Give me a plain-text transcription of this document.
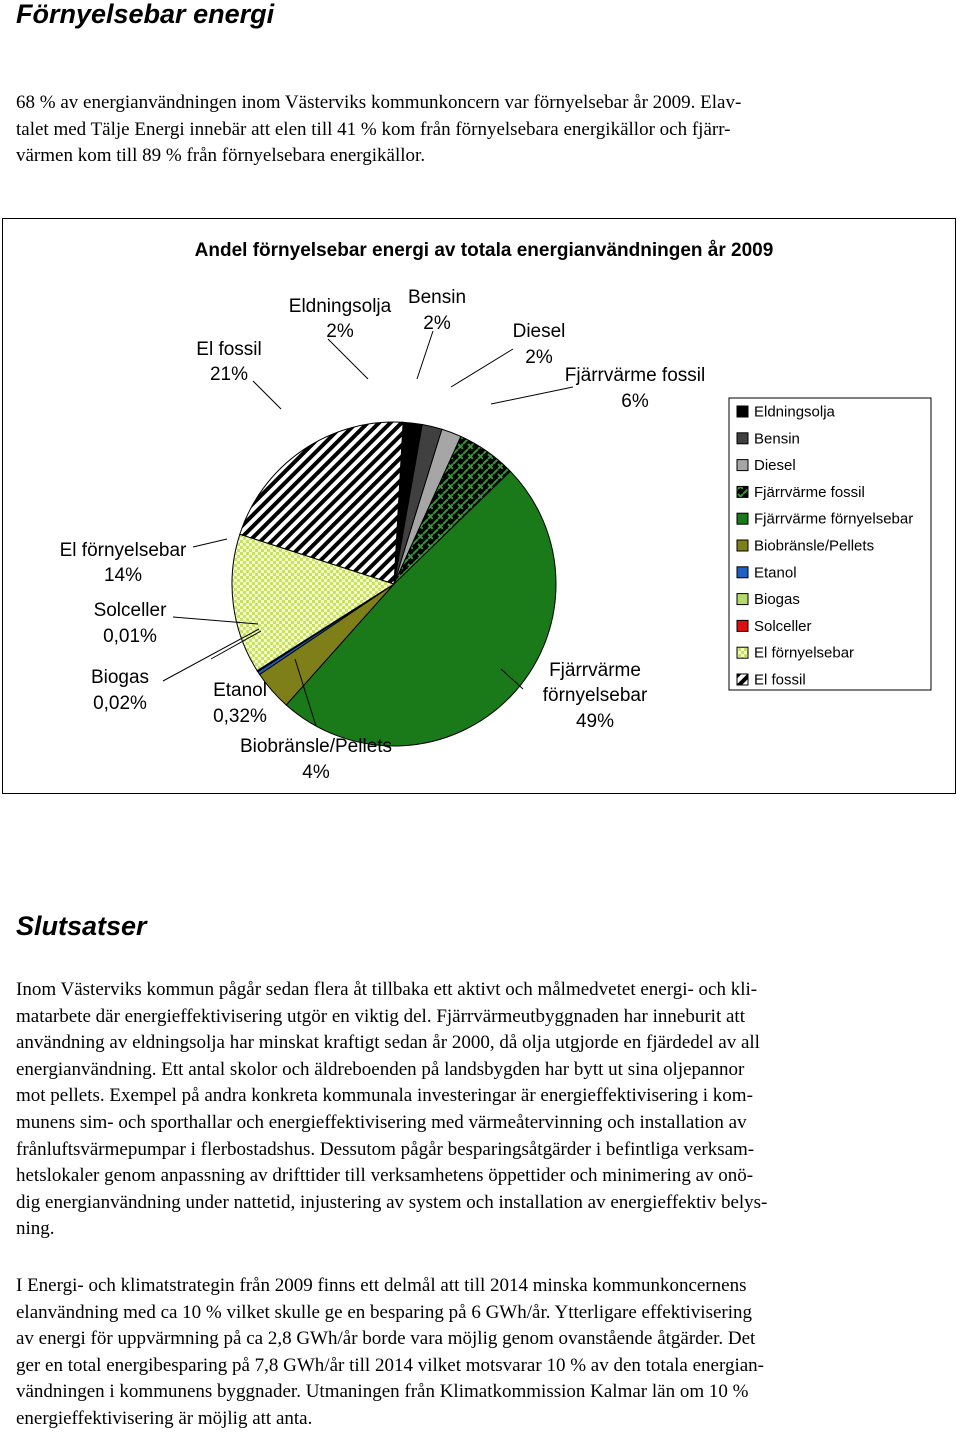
Förnyelsebar energi

68 % av energianvändningen inom Västerviks kommunkoncern var förnyelsebar år 2009. Elav-
talet med Tälje Energi innebär att elen till 41 % kom från förnyelsebara energikällor och fjärr-
värmen kom till 89 % från förnyelsebara energikällor.

Andel förnyelsebar energi av totala energianvändningen år 2009
El fossil
21%
Eldningsolja
2%
Bensin
2%	Diesel
2%
Fjärrvärme fossil
6%
El förnyelsebar
14%
Solceller
0,01%
Biogas
0,02%
Etanol
0,32%
Biobränsle/Pellets
4%
Fjärrvärme
förnyelsebar
49%
Eldningsolja
Bensin
Diesel
Fjärrvärme fossil
Fjärrvärme förnyelsebar
Biobränsle/Pellets
Etanol
Biogas
Solceller
El förnyelsebar
El fossil
Slutsatser

Inom Västerviks kommun pågår sedan flera åt tillbaka ett aktivt och målmedvetet energi- och kli-
matarbete där energieffektivisering utgör en viktig del. Fjärrvärmeutbyggnaden har inneburit att
användning av eldningsolja har minskat kraftigt sedan år 2000, då olja utgjorde en fjärdedel av all
energianvändning. Ett antal skolor och äldreboenden på landsbygden har bytt ut sina oljepannor
mot pellets. Exempel på andra konkreta kommunala investeringar är energieffektivisering i kom-
munens sim- och sporthallar och energieffektivisering med värmeåtervinning och installation av
frånluftsvärmepumpar i flerbostadshus. Dessutom pågår besparingsåtgärder i befintliga verksam-
hetslokaler genom anpassning av drifttider till verksamhetens öppettider och minimering av onö-
dig energianvändning under nattetid, injustering av system och installation av energieffektiv belys-
ning.

I Energi- och klimatstrategin från 2009 finns ett delmål att till 2014 minska kommunkoncernens
elanvändning med ca 10 % vilket skulle ge en besparing på 6 GWh/år. Ytterligare effektivisering
av energi för uppvärmning på ca 2,8 GWh/år borde vara möjlig genom ovanstående åtgärder. Det
ger en total energibesparing på 7,8 GWh/år till 2014 vilket motsvarar 10 % av den totala energian-
vändningen i kommunens byggnader. Utmaningen från Klimatkommission Kalmar län om 10 %
energieffektivisering är möjlig att anta.
